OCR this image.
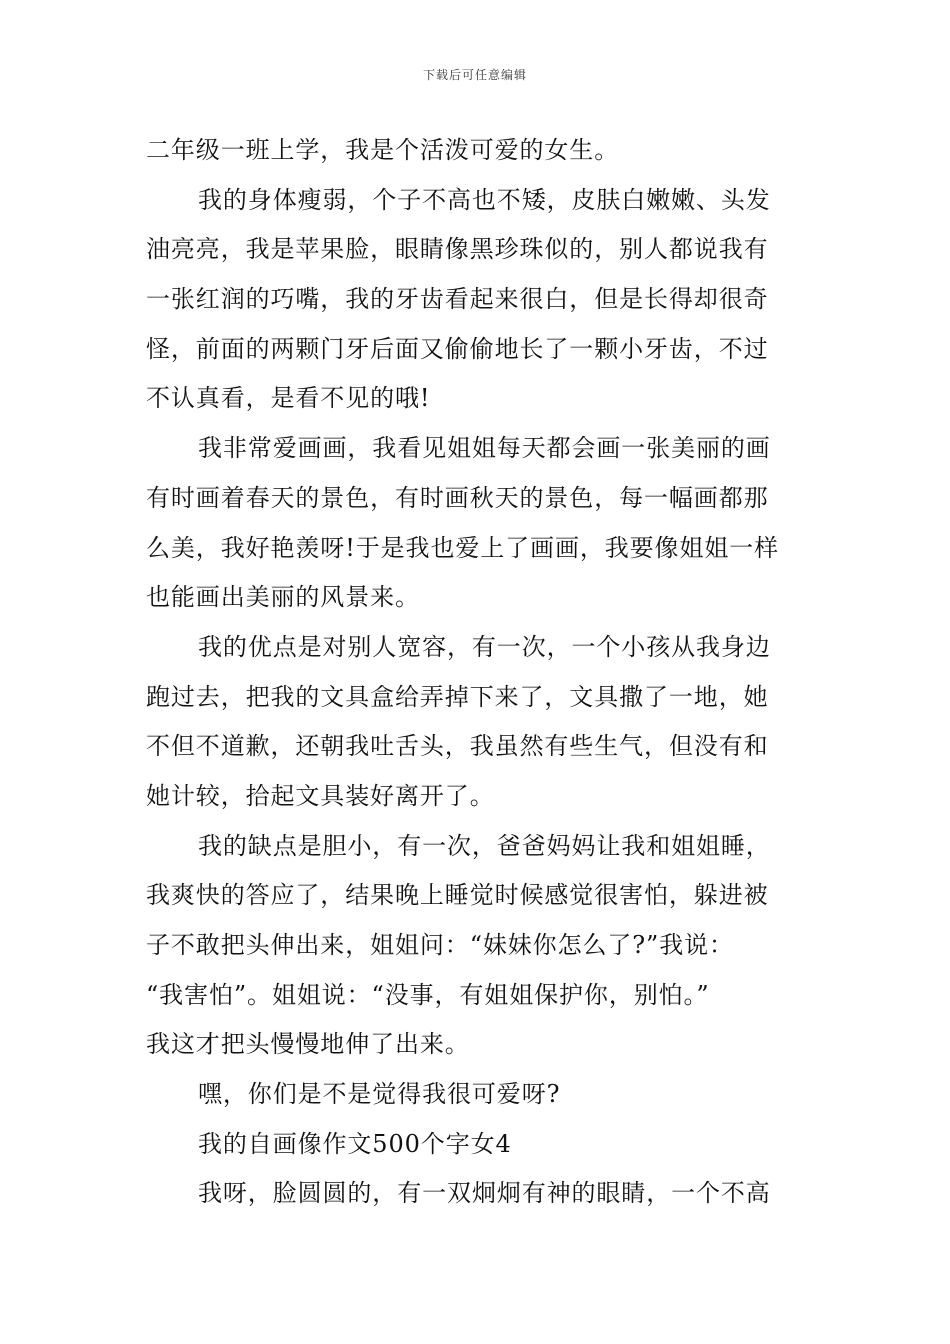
下载后可任意编辑
二年级一班上学，我是个活泼可爱的女生。
我的身体瘦弱，个子不高也不矮，皮肤白嫩嫩、头发
油亮亮，我是苹果脸，眼睛像黑珍珠似的，别人都说我有
一张红润的巧嘴，我的牙齿看起来很白，但是长得却很奇
怪，前面的两颗门牙后面又偷偷地长了一颗小牙齿，不过
不认真看，是看不见的哦!
我非常爱画画，我看见姐姐每天都会画一张美丽的画
有时画着春天的景色，有时画秋天的景色，每一幅画都那
么美，我好艳羡呀!于是我也爱上了画画，我要像姐姐一样
也能画出美丽的风景来。
我的优点是对别人宽容，有一次，一个小孩从我身边
跑过去，把我的文具盒给弄掉下来了，文具撒了一地，她
不但不道歉，还朝我吐舌头，我虽然有些生气，但没有和
她计较，拾起文具装好离开了。
我的缺点是胆小，有一次，爸爸妈妈让我和姐姐睡，
我爽快的答应了，结果晚上睡觉时候感觉很害怕，躲进被
子不敢把头伸出来，姐姐问：“妹妹你怎么了?”我说：
“我害怕”。姐姐说：“没事，有姐姐保护你，别怕。”
我这才把头慢慢地伸了出来。
嘿，你们是不是觉得我很可爱呀?
我的自画像作文500个字女4
我呀，脸圆圆的，有一双炯炯有神的眼睛，一个不高
